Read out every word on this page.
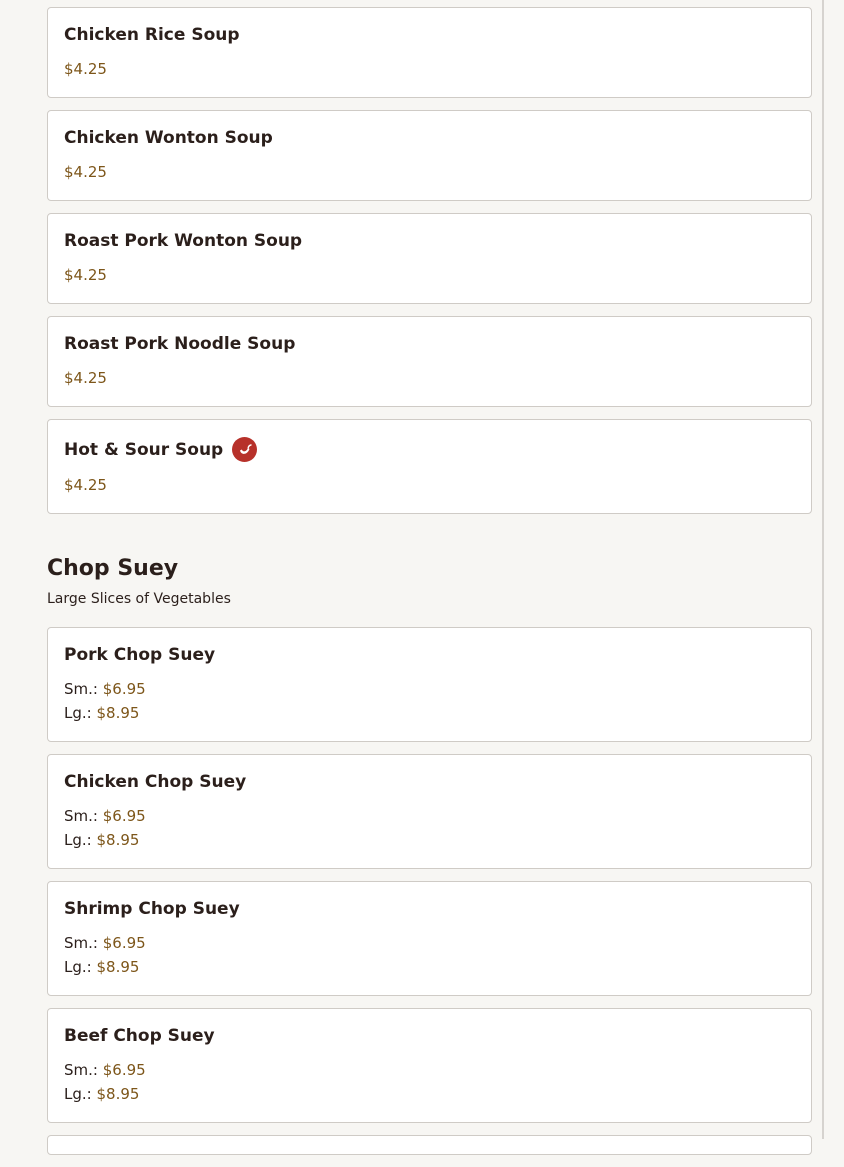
Chicken Rice Soup
$4.25
Chicken Wonton Soup
$4.25
Roast Pork Wonton Soup
$4.25
Roast Pork Noodle Soup
$4.25
Hot & Sour Soup
$4.25
Chop Suey
Large Slices of Vegetables
Pork Chop Suey
Sm.: $6.95
Lg.: $8.95
Chicken Chop Suey
Sm.: $6.95
Lg.: $8.95
Shrimp Chop Suey
Sm.: $6.95
Lg.: $8.95
Beef Chop Suey
Sm.: $6.95
Lg.: $8.95
